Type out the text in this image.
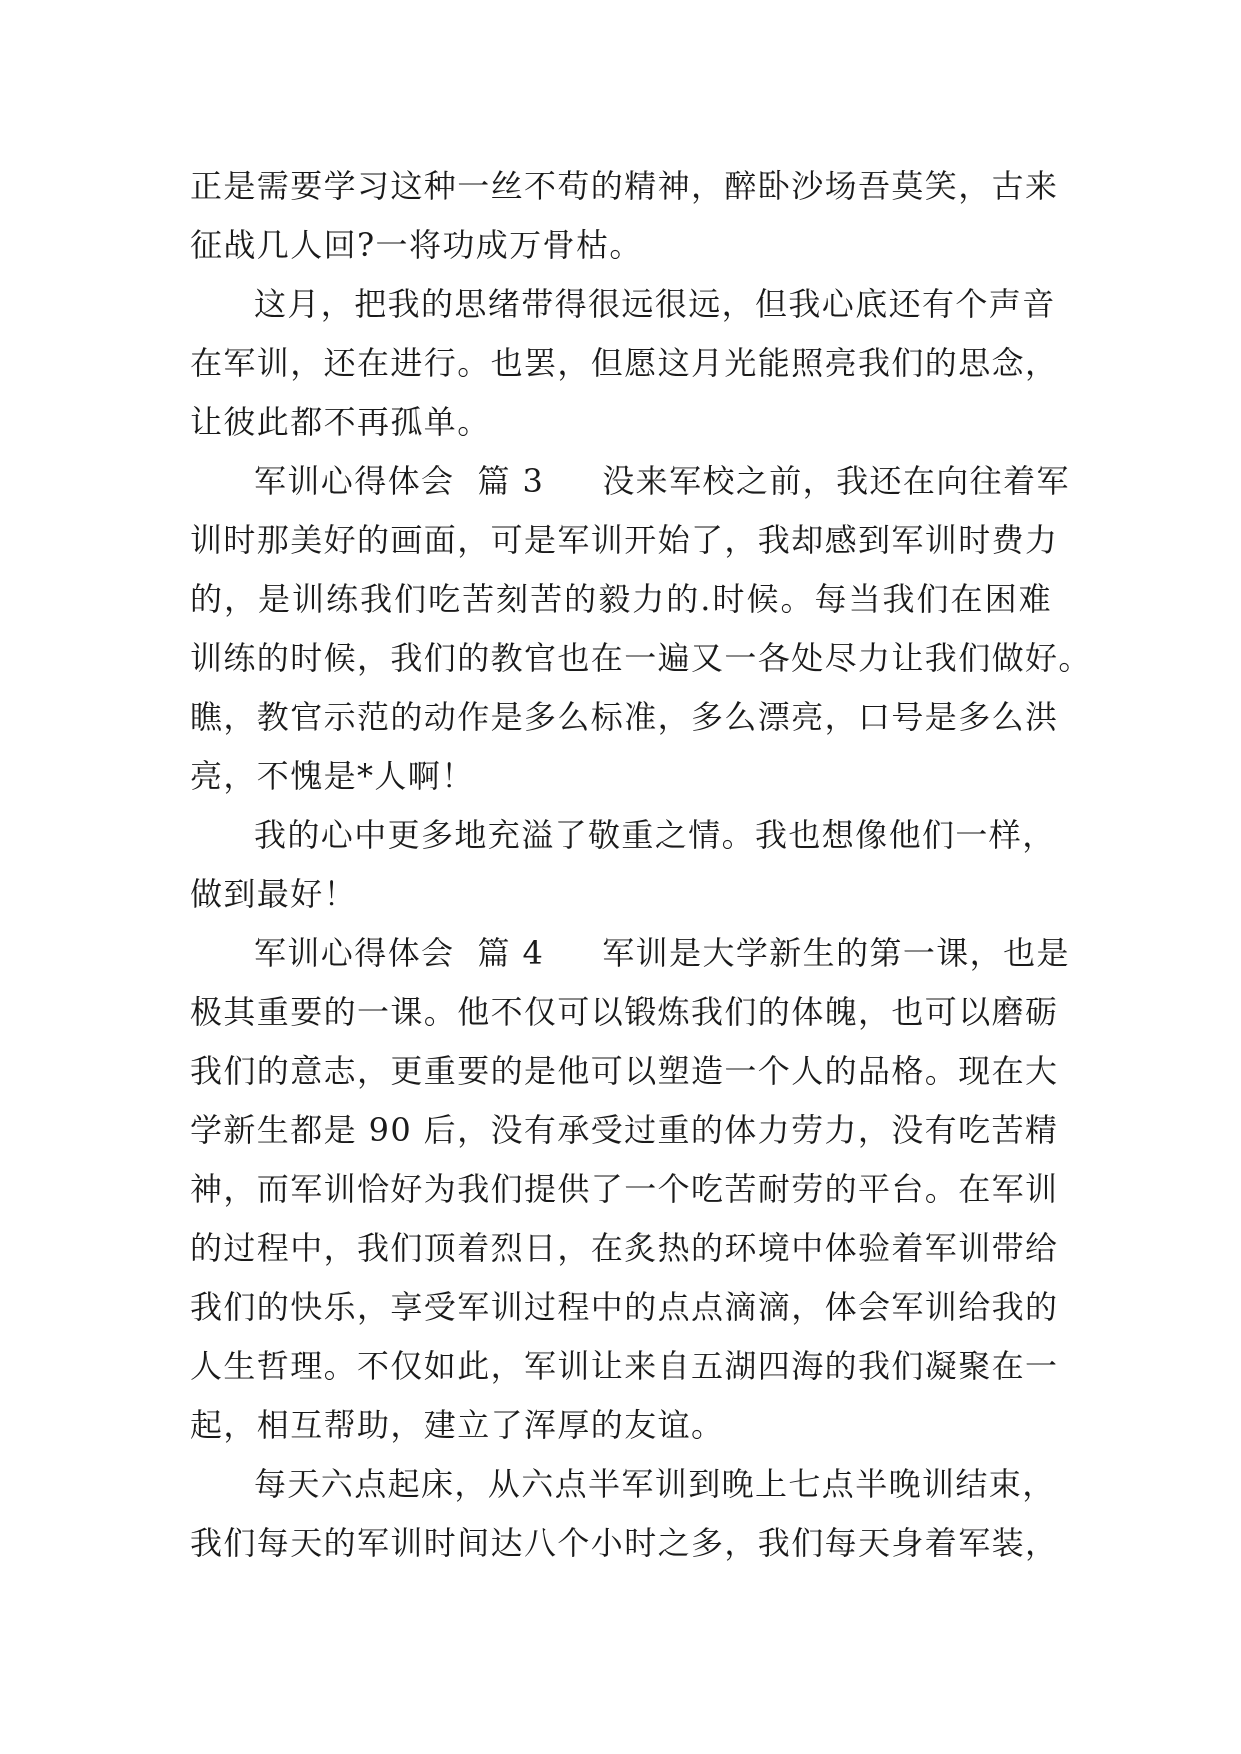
正是需要学习这种一丝不苟的精神，醉卧沙场吾莫笑，古来
征战几人回?一将功成万骨枯。
这月，把我的思绪带得很远很远，但我心底还有个声音
在军训，还在进行。也罢，但愿这月光能照亮我们的思念，
让彼此都不再孤单。
军训心得体会  篇 3 没来军校之前，我还在向往着军
训时那美好的画面，可是军训开始了，我却感到军训时费力
的，是训练我们吃苦刻苦的毅力的.时候。每当我们在困难
训练的时候，我们的教官也在一遍又一各处尽力让我们做好。
瞧，教官示范的动作是多么标准，多么漂亮，口号是多么洪
亮，不愧是*人啊！
我的心中更多地充溢了敬重之情。我也想像他们一样，
做到最好！
军训心得体会  篇 4 军训是大学新生的第一课，也是
极其重要的一课。他不仅可以锻炼我们的体魄，也可以磨砺
我们的意志，更重要的是他可以塑造一个人的品格。现在大
学新生都是 90 后，没有承受过重的体力劳力，没有吃苦精
神，而军训恰好为我们提供了一个吃苦耐劳的平台。在军训
的过程中，我们顶着烈日，在炙热的环境中体验着军训带给
我们的快乐，享受军训过程中的点点滴滴，体会军训给我的
人生哲理。不仅如此，军训让来自五湖四海的我们凝聚在一
起，相互帮助，建立了浑厚的友谊。
每天六点起床，从六点半军训到晚上七点半晚训结束，
我们每天的军训时间达八个小时之多，我们每天身着军装，
